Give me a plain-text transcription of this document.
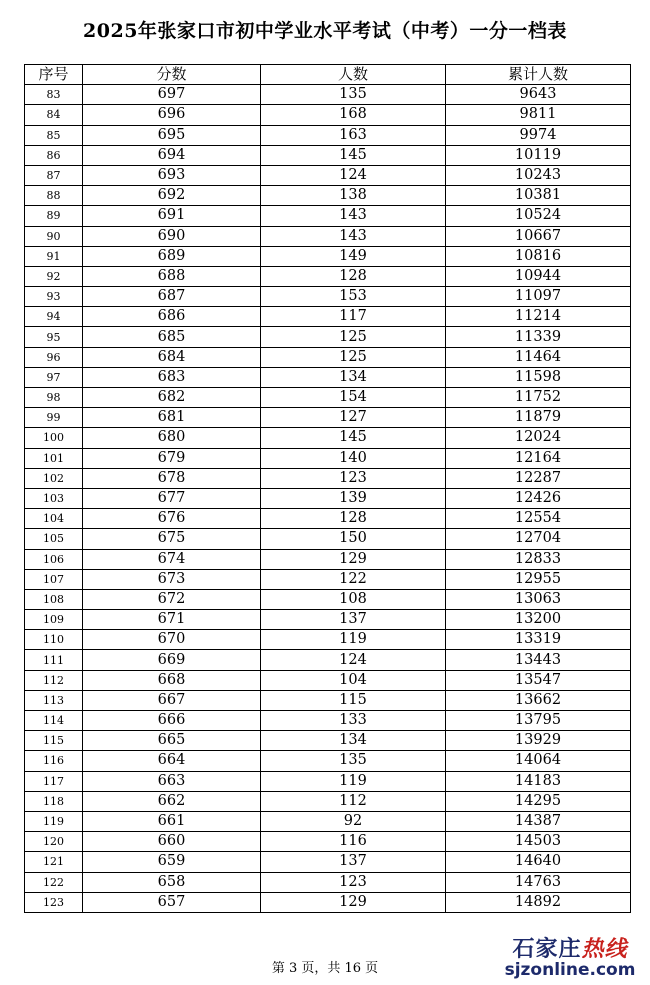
2025年张家口市初中学业水平考试（中考）一分一档表
序号	分数	人数	累计人数
83	697	135	9643
84	696	168	9811
85	695	163	9974
86	694	145	10119
87	693	124	10243
88	692	138	10381
89	691	143	10524
90	690	143	10667
91	689	149	10816
92	688	128	10944
93	687	153	11097
94	686	117	11214
95	685	125	11339
96	684	125	11464
97	683	134	11598
98	682	154	11752
99	681	127	11879
100	680	145	12024
101	679	140	12164
102	678	123	12287
103	677	139	12426
104	676	128	12554
105	675	150	12704
106	674	129	12833
107	673	122	12955
108	672	108	13063
109	671	137	13200
110	670	119	13319
111	669	124	13443
112	668	104	13547
113	667	115	13662
114	666	133	13795
115	665	134	13929
116	664	135	14064
117	663	119	14183
118	662	112	14295
119	661	92	14387
120	660	116	14503
121	659	137	14640
122	658	123	14763
123	657	129	14892
第 3 页，共 16 页
石家庄热线
sjzonline.com
